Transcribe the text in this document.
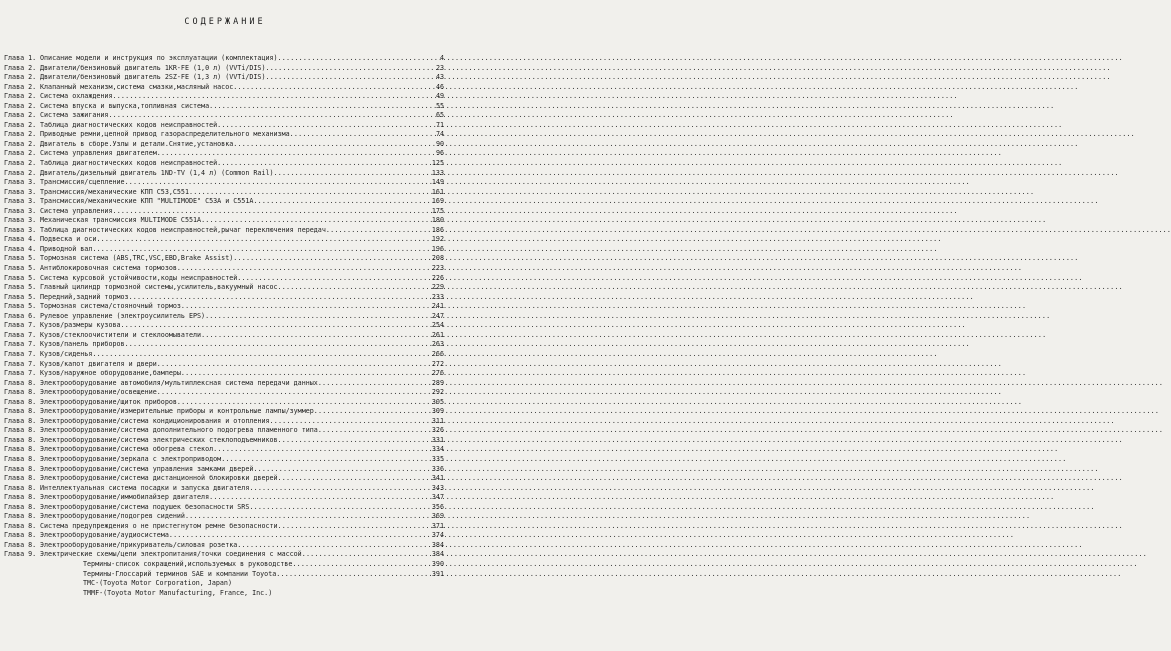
СОДЕРЖАНИЕ
Глава 1. Описание модели и инструкция по эксплуатации (комплектация) .....	4
Глава 2. Двигатели/бензиновый двигатель 1KR-FE (1,0 л) (VVTi/DIS) .....	23
Глава 2. Двигатели/бензиновый двигатель 2SZ-FE (1,3 л) (VVTi/DIS) .....	43
Глава 2. Клапанный механизм,система смазки,масляный насос .....	46
Глава 2. Система охлаждения .....	49
Глава 2. Система впуска и выпуска,топливная система .....	55
Глава 2. Система зажигания .....	65
Глава 2. Таблица диагностических кодов неисправностей .....	71
Глава 2. Приводные ремни,цепной привод газораспределительного механизма .....	74
Глава 2. Двигатель в сборе.Узлы и детали.Снятие,установка .....	90
Глава 2. Система управления двигателем .....	96
Глава 2. Таблица диагностических кодов неисправностей .....	125
Глава 2. Двигатель/дизельный двигатель 1ND-TV (1,4 л) (Common Rail) .....	133
Глава 3. Трансмиссия/сцепление .....	149
Глава 3. Трансмиссия/механические КПП C53,C551 .....	161
Глава 3. Трансмиссия/механические КПП "MULTIMODE" C53A и C551A .....	169
Глава 3. Система управления .....	175
Глава 3. Механическая трансмиссия MULTIMODE C551A .....	180
Глава 3. Таблица диагностических кодов неисправностей,рычаг переключения передач .....	186
Глава 4. Подвеска и оси .....	192
Глава 4. Приводной вал .....	196
Глава 5. Тормозная система (ABS,TRC,VSC,EBD,Brake Assist) .....	208
Глава 5. Антиблокировочная система тормозов .....	223
Глава 5. Система курсовой устойчивости,коды неисправностей .....	226
Глава 5. Главный цилиндр тормозной системы,усилитель,вакуумный насос .....	229
Глава 5. Передний,задний тормоз .....	233
Глава 5. Тормозная система/стояночный тормоз .....	241
Глава 6. Рулевое управление (электроусилитель EPS) .....	247
Глава 7. Кузов/размеры кузова .....	254
Глава 7. Кузов/стеклоочистители и стеклоомыватели .....	261
Глава 7. Кузов/панель приборов .....	263
Глава 7. Кузов/сиденья .....	266
Глава 7. Кузов/капот двигателя и двери .....	272
Глава 7. Кузов/наружное оборудование,бамперы .....	276
Глава 8. Электрооборудование автомобиля/мультиплексная система передачи данных .....	289
Глава 8. Электрооборудование/освещение .....	292
Глава 8. Электрооборудование/щиток приборов .....	305
Глава 8. Электрооборудование/измерительные приборы и контрольные лампы/зуммер .....	309
Глава 8. Электрооборудование/система кондиционирования и отопления .....	311
Глава 8. Электрооборудование/система дополнительного подогрева пламенного типа .....	326
Глава 8. Электрооборудование/система электрических стеклоподъемников .....	331
Глава 8. Электрооборудование/система обогрева стекол .....	334
Глава 8. Электрооборудование/зеркала с электроприводом .....	335
Глава 8. Электрооборудование/система управления замками дверей .....	336
Глава 8. Электрооборудование/система дистанционной блокировки дверей .....	341
Глава 8. Интеллектуальная система посадки и запуска двигателя .....	343
Глава 8. Электрооборудование/иммобилайзер двигателя .....	347
Глава 8. Электрооборудование/система подушек безопасности SRS .....	356
Глава 8. Электрооборудование/подогрев сидений .....	369
Глава 8. Система предупреждения о не пристегнутом ремне безопасности .....	371
Глава 8. Электрооборудование/аудиосистема .....	374
Глава 8. Электрооборудование/прикуриватель/силовая розетка .....	384
Глава 9. Электрические схемы/цепи электропитания/точки соединения с массой .....	384
Термины-список сокращений,используемых в руководстве .....	390
Термины-Глоссарий терминов SAE и компании Toyota .....	391
TMC-(Toyota Motor Corporation, Japan)
TMMF-(Toyota Motor Manufacturing, France, Inc.)
